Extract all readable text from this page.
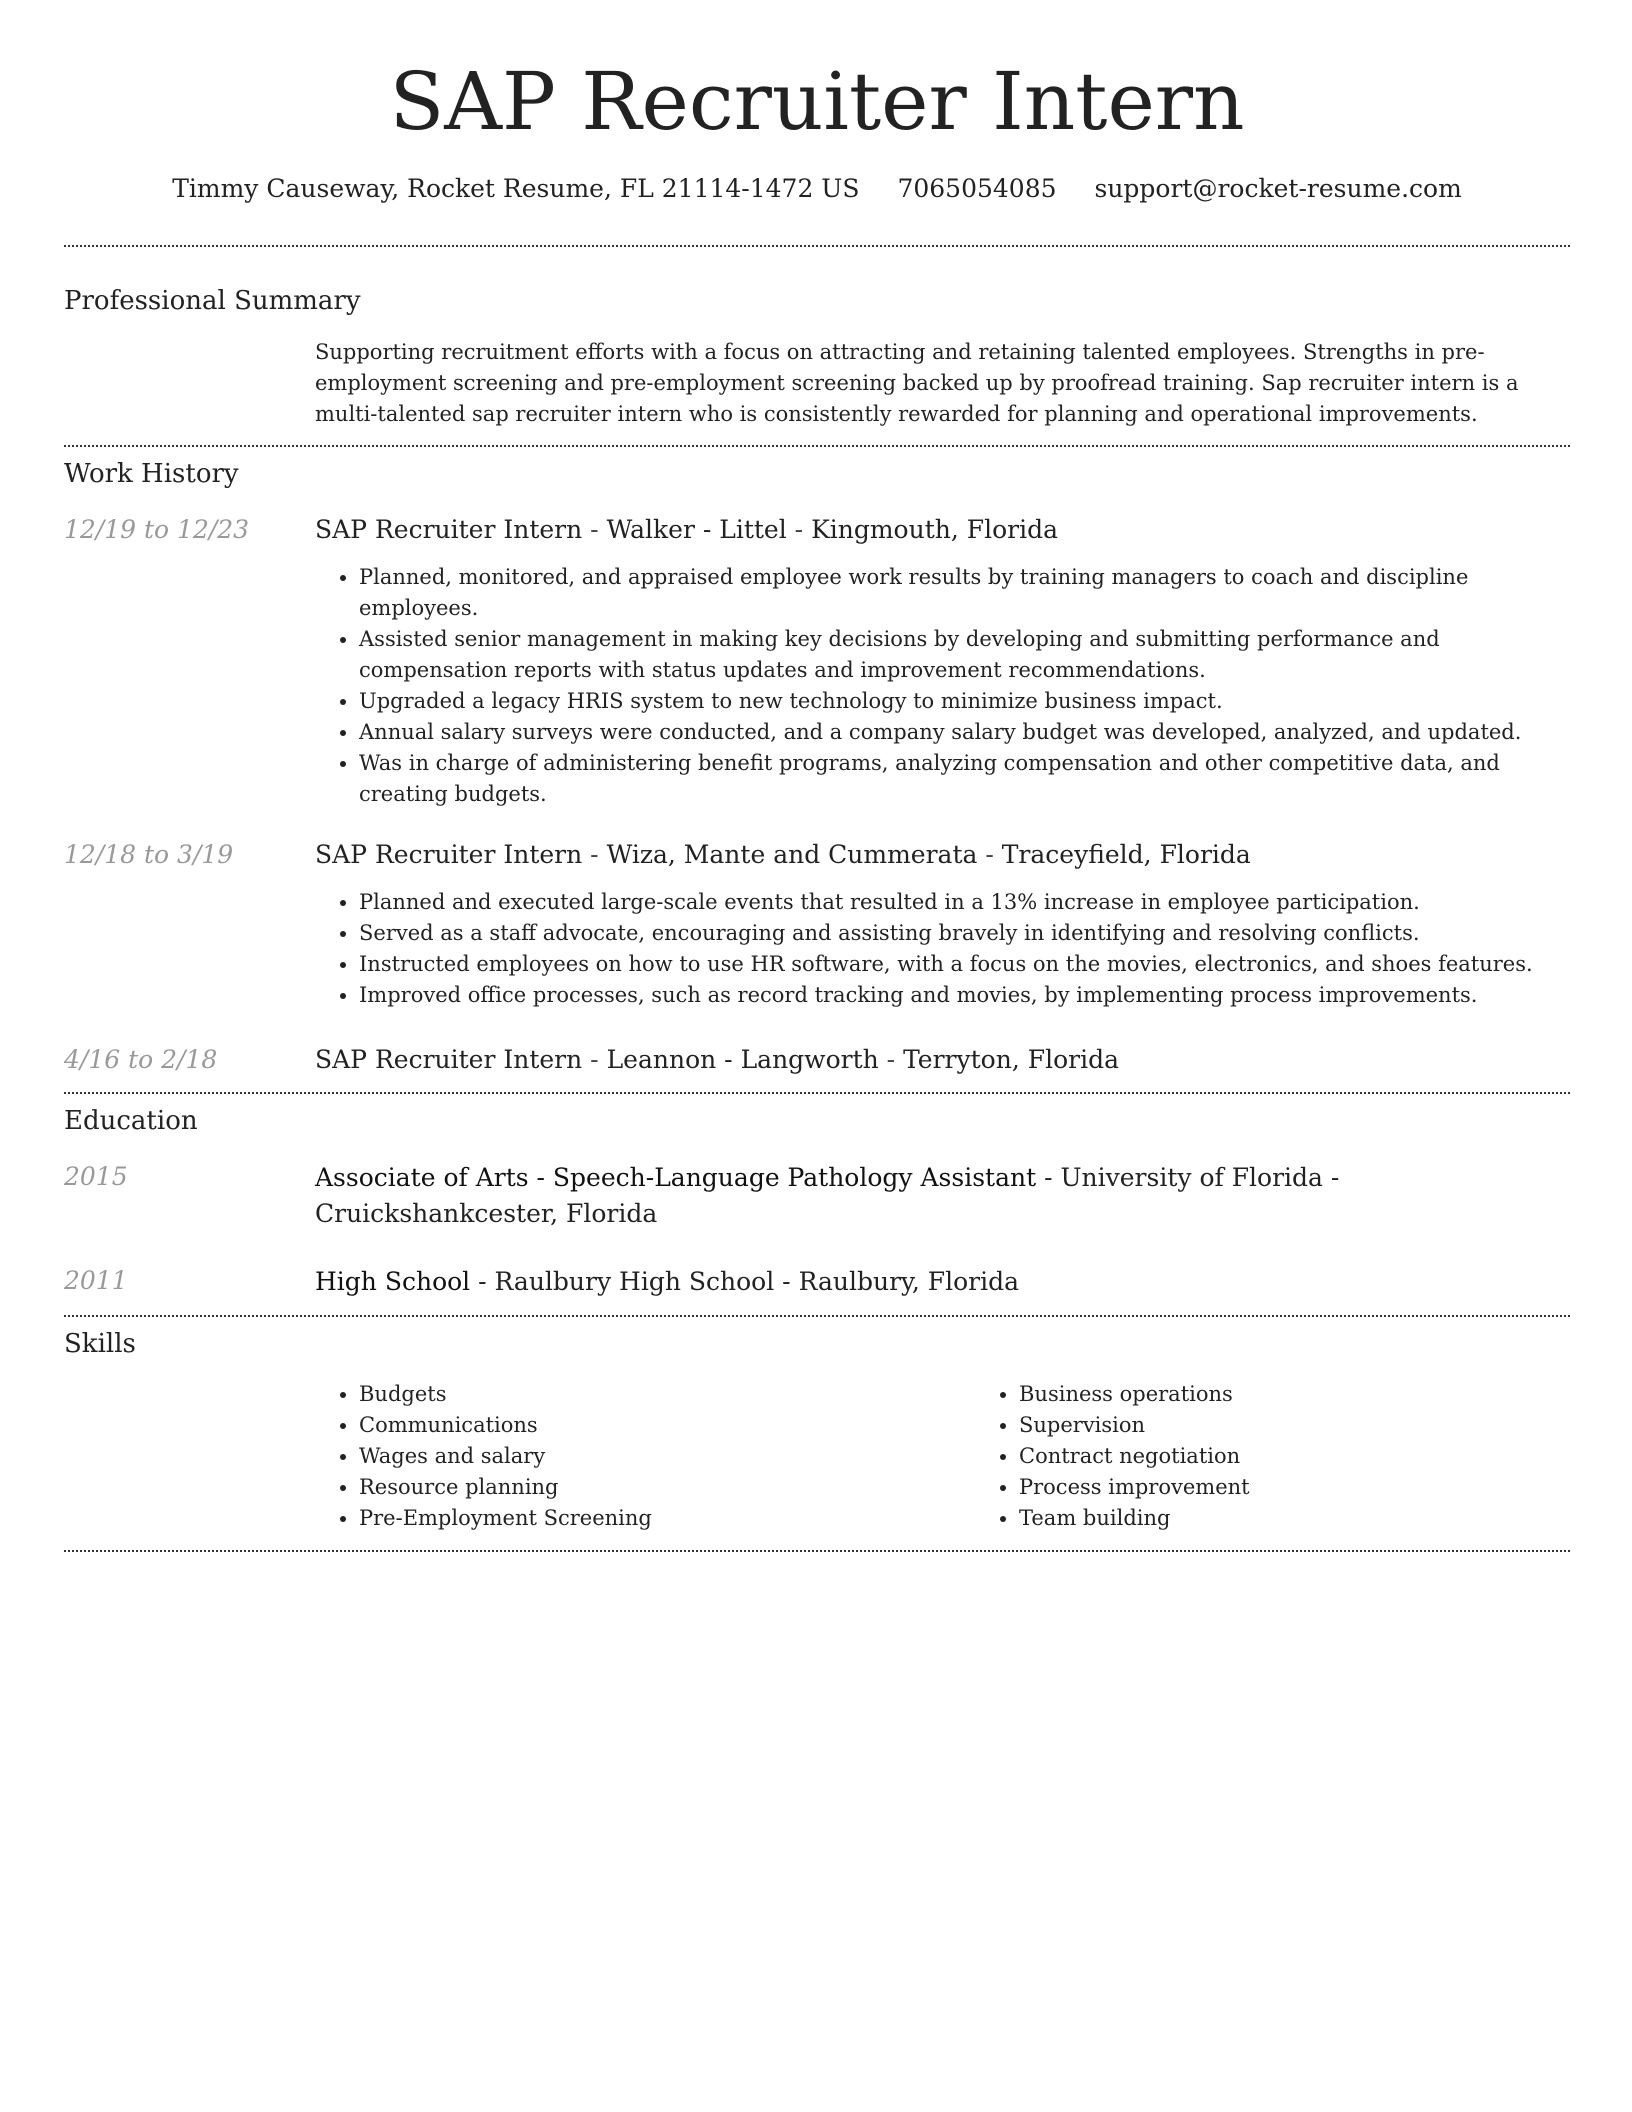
SAP Recruiter Intern
Timmy Causeway, Rocket Resume, FL 21114-1472 US 7065054085 support@rocket-resume.com
Professional Summary

Supporting recruitment efforts with a focus on attracting and retaining talented employees. Strengths in pre-employment screening and pre-employment screening backed up by proofread training. Sap recruiter intern is a multi-talented sap recruiter intern who is consistently rewarded for planning and operational improvements.

Work History
12/19 to 12/23	SAP Recruiter Intern - Walker - Littel - Kingmouth, Florida
• Planned, monitored, and appraised employee work results by training managers to coach and discipline employees.
• Assisted senior management in making key decisions by developing and submitting performance and compensation reports with status updates and improvement recommendations.
• Upgraded a legacy HRIS system to new technology to minimize business impact.
• Annual salary surveys were conducted, and a company salary budget was developed, analyzed, and updated.
• Was in charge of administering benefit programs, analyzing compensation and other competitive data, and creating budgets.
12/18 to 3/19	SAP Recruiter Intern - Wiza, Mante and Cummerata - Traceyfield, Florida
• Planned and executed large-scale events that resulted in a 13% increase in employee participation.
• Served as a staff advocate, encouraging and assisting bravely in identifying and resolving conflicts.
• Instructed employees on how to use HR software, with a focus on the movies, electronics, and shoes features.
• Improved office processes, such as record tracking and movies, by implementing process improvements.
4/16 to 2/18	SAP Recruiter Intern - Leannon - Langworth - Terryton, Florida
Education
2015	Associate of Arts - Speech-Language Pathology Assistant - University of Florida - Cruickshankcester, Florida
2011	High School - Raulbury High School - Raulbury, Florida
Skills
• Budgets
• Communications
• Wages and salary
• Resource planning
• Pre-Employment Screening
• Business operations
• Supervision
• Contract negotiation
• Process improvement
• Team building
